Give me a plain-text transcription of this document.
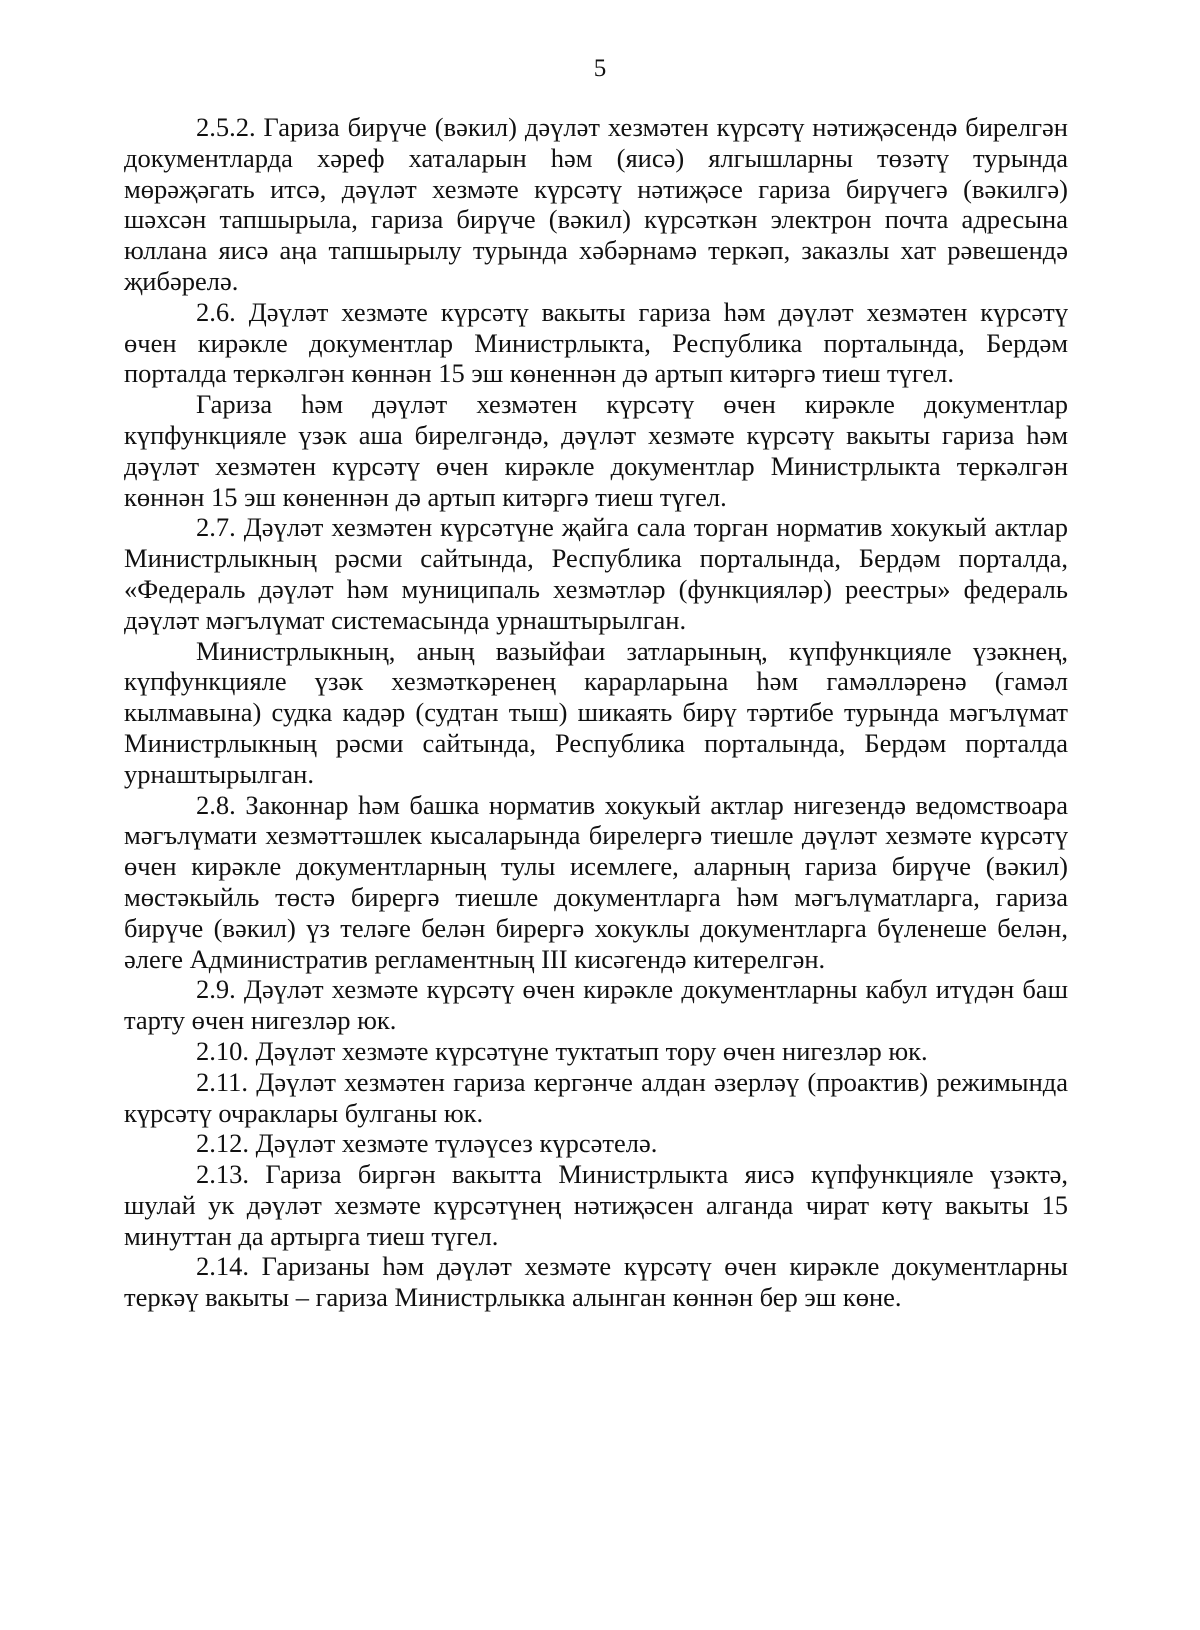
5

2.5.2. Гариза бирүче (вәкил) дәүләт хезмәтен күрсәтү нәтиҗәсендә бирелгән документларда хәреф хаталарын һәм (яисә) ялгышларны төзәтү турында мөрәҗәгать итсә, дәүләт хезмәте күрсәтү нәтиҗәсе гариза бирүчегә (вәкилгә) шәхсән тапшырыла, гариза бирүче (вәкил) күрсәткән электрон почта адресына юллана яисә аңа тапшырылу турында хәбәрнамә теркәп, заказлы хат рәвешендә җибәрелә.

2.6. Дәүләт хезмәте күрсәтү вакыты гариза һәм дәүләт хезмәтен күрсәтү өчен кирәкле документлар Министрлыкта, Республика порталында, Бердәм порталда теркәлгән көннән 15 эш көненнән дә артып китәргә тиеш түгел.

Гариза һәм дәүләт хезмәтен күрсәтү өчен кирәкле документлар күпфункцияле үзәк аша бирелгәндә, дәүләт хезмәте күрсәтү вакыты гариза һәм дәүләт хезмәтен күрсәтү өчен кирәкле документлар Министрлыкта теркәлгән көннән 15 эш көненнән дә артып китәргә тиеш түгел.

2.7. Дәүләт хезмәтен күрсәтүне җайга сала торган норматив хокукый актлар Министрлыкның рәсми сайтында, Республика порталында, Бердәм порталда, «Федераль дәүләт һәм муниципаль хезмәтләр (функцияләр) реестры» федераль дәүләт мәгълүмат системасында урнаштырылган.

Министрлыкның, аның вазыйфаи затларының, күпфункцияле үзәкнең, күпфункцияле үзәк хезмәткәренең карарларына һәм гамәлләренә (гамәл кылмавына) судка кадәр (судтан тыш) шикаять бирү тәртибе турында мәгълүмат Министрлыкның рәсми сайтында, Республика порталында, Бердәм порталда урнаштырылган.

2.8. Законнар һәм башка норматив хокукый актлар нигезендә ведомствоара мәгълүмати хезмәттәшлек кысаларында бирелергә тиешле дәүләт хезмәте күрсәтү өчен кирәкле документларның тулы исемлеге, аларның гариза бирүче (вәкил) мөстәкыйль төстә бирергә тиешле документларга һәм мәгълүматларга, гариза бирүче (вәкил) үз теләге белән бирергә хокуклы документларга бүленеше белән, әлеге Административ регламентның III кисәгендә китерелгән.

2.9. Дәүләт хезмәте күрсәтү өчен кирәкле документларны кабул итүдән баш тарту өчен нигезләр юк.

2.10. Дәүләт хезмәте күрсәтүне туктатып тору өчен нигезләр юк.

2.11. Дәүләт хезмәтен гариза кергәнче алдан әзерләү (проактив) режимында күрсәтү очраклары булганы юк.

2.12. Дәүләт хезмәте түләүсез күрсәтелә.

2.13. Гариза биргән вакытта Министрлыкта яисә күпфункцияле үзәктә, шулай ук дәүләт хезмәте күрсәтүнең нәтиҗәсен алганда чират көтү вакыты 15 минуттан да артырга тиеш түгел.

2.14. Гаризаны һәм дәүләт хезмәте күрсәтү өчен кирәкле документларны теркәү вакыты – гариза Министрлыкка алынган көннән бер эш көне.
